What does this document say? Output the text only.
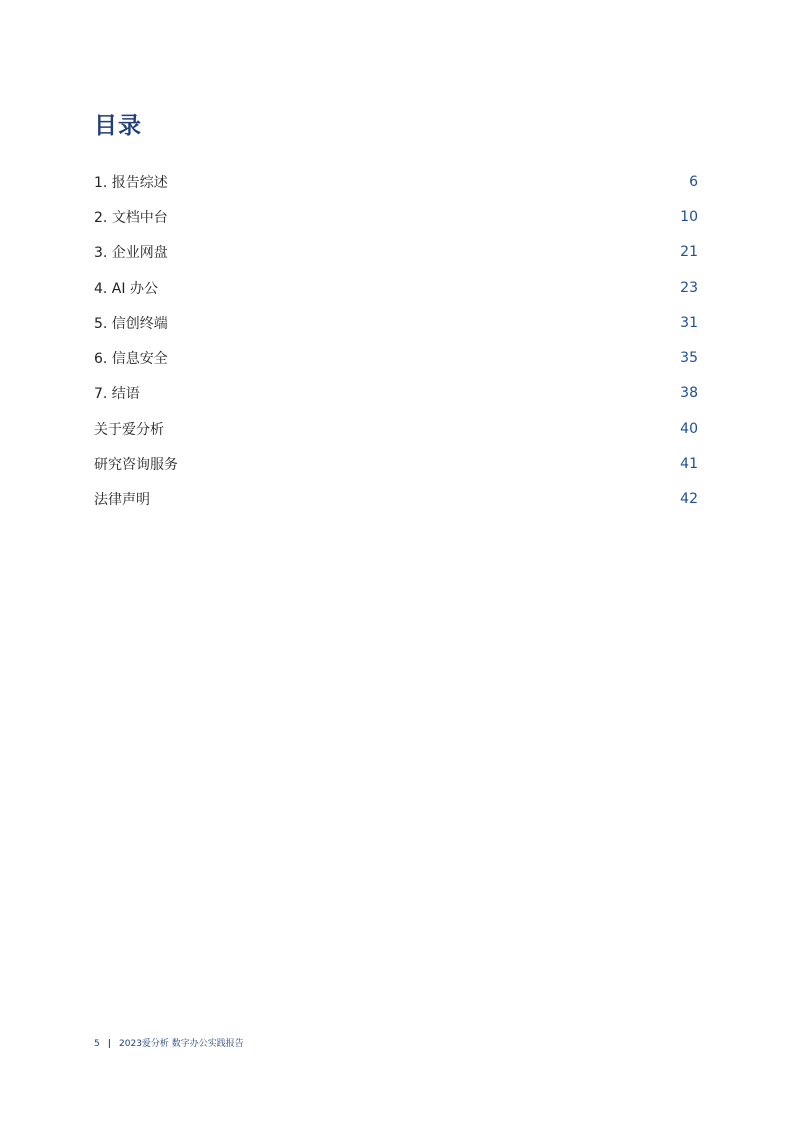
目录
1. 报告综述	6
2. 文档中台	10
3. 企业网盘	21
4. AI 办公	23
5. 信创终端	31
6. 信息安全	35
7. 结语	38
关于爱分析	40
研究咨询服务	41
法律声明	42
5 | 2023爱分析 数字办公实践报告
